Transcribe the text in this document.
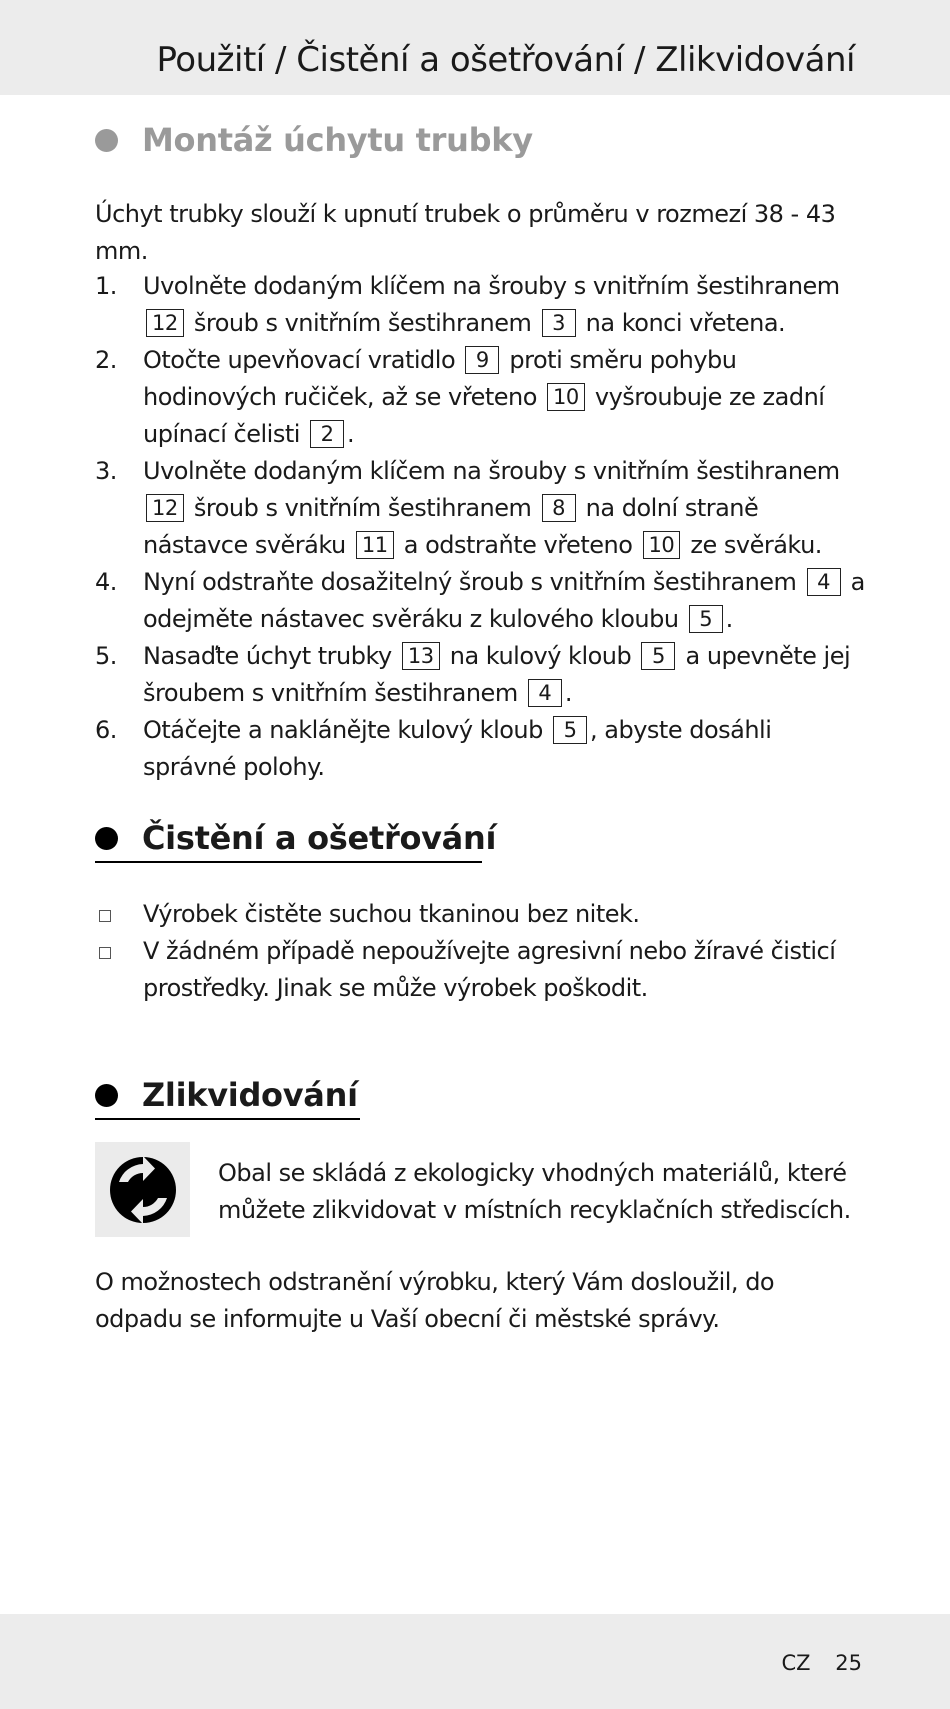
Použití / Čistění a ošetřování / Zlikvidování
Montáž úchytu trubky
Úchyt trubky slouží k upnutí trubek o průměru v rozmezí 38 - 43 mm.
1.	Uvolněte dodaným klíčem na šrouby s vnitřním šestihranem 12 šroub s vnitřním šestihranem 3 na konci vřetena.
2.	Otočte upevňovací vratidlo 9 proti směru pohybu hodinových ručiček, až se vřeteno 10 vyšroubuje ze zadní upínací čelisti 2 .
3.	Uvolněte dodaným klíčem na šrouby s vnitřním šestihranem 12 šroub s vnitřním šestihranem 8 na dolní straně nástavce svěráku 11 a odstraňte vřeteno 10 ze svěráku.
4.	Nyní odstraňte dosažitelný šroub s vnitřním šestihranem 4 a odejměte nástavec svěráku z kulového kloubu 5 .
5.	Nasaďte úchyt trubky 13 na kulový kloub 5 a upevněte jej šroubem s vnitřním šestihranem 4 .
6.	Otáčejte a naklánějte kulový kloub 5 , abyste dosáhli správné polohy.
Čistění a ošetřování
Výrobek čistěte suchou tkaninou bez nitek.
V žádném případě nepoužívejte agresivní nebo žíravé čisticí prostředky. Jinak se může výrobek poškodit.
Zlikvidování
Obal se skládá z ekologicky vhodných materiálů, které můžete zlikvidovat v místních recyklačních střediscích.
O možnostech odstranění výrobku, který Vám dosloužil, do odpadu se informujte u Vaší obecní či městské správy.
CZ 25
